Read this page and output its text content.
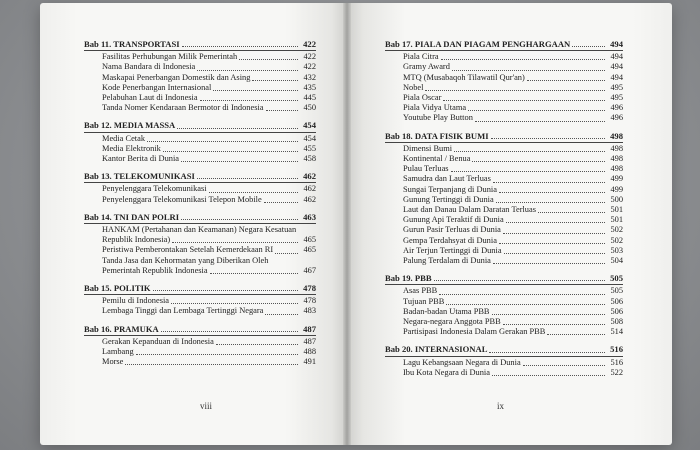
Bab 11. TRANSPORTASI	422
Fasilitas Perhubungan Milik Pemerintah	422
Nama Bandara di Indonesia	422
Maskapai Penerbangan Domestik dan Asing	432
Kode Penerbangan Internasional	435
Pelabuhan Laut di Indonesia	445
Tanda Nomer Kendaraan Bermotor di Indonesia	450
Bab 12. MEDIA MASSA	454
Media Cetak	454
Media Elektronik	455
Kantor Berita di Dunia	458
Bab 13. TELEKOMUNIKASI	462
Penyelenggara Telekomunikasi	462
Penyelenggara Telekomunikasi Telepon Mobile	462
Bab 14. TNI DAN POLRI	463
HANKAM (Pertahanan dan Keamanan) Negara Kesatuan
Republik Indonesia)	465
Peristiwa Pemberontakan Setelah Kemerdekaan RI	465
Tanda Jasa dan Kehormatan yang Diberikan Oleh
Pemerintah Republik Indonesia	467
Bab 15. POLITIK	478
Pemilu di Indonesia	478
Lembaga Tinggi dan Lembaga Tertinggi Negara	483
Bab 16. PRAMUKA	487
Gerakan Kepanduan di Indonesia	487
Lambang	488
Morse	491
viii
Bab 17. PIALA DAN PIAGAM PENGHARGAAN	494
Piala Citra	494
Gramy Award	494
MTQ (Musabaqoh Tilawatil Qur'an)	494
Nobel	495
Piala Oscar	495
Piala Vidya Utama	496
Youtube Play Button	496
Bab 18. DATA FISIK BUMI	498
Dimensi Bumi	498
Kontinental / Benua	498
Pulau Terluas	498
Samudra dan Laut Terluas	499
Sungai Terpanjang di Dunia	499
Gunung Tertinggi di Dunia	500
Laut dan Danau Dalam Daratan Terluas	501
Gunung Api Teraktif di Dunia	501
Gurun Pasir Terluas di Dunia	502
Gempa Terdahsyat di Dunia	502
Air Terjun Tertinggi di Dunia	503
Palung Terdalam di Dunia	504
Bab 19. PBB	505
Asas PBB	505
Tujuan PBB	506
Badan-badan Utama PBB	506
Negara-negara Anggota PBB	508
Partisipasi Indonesia Dalam Gerakan PBB	514
Bab 20. INTERNASIONAL	516
Lagu Kebangsaan Negara di Dunia	516
Ibu Kota Negara di Dunia	522
ix
